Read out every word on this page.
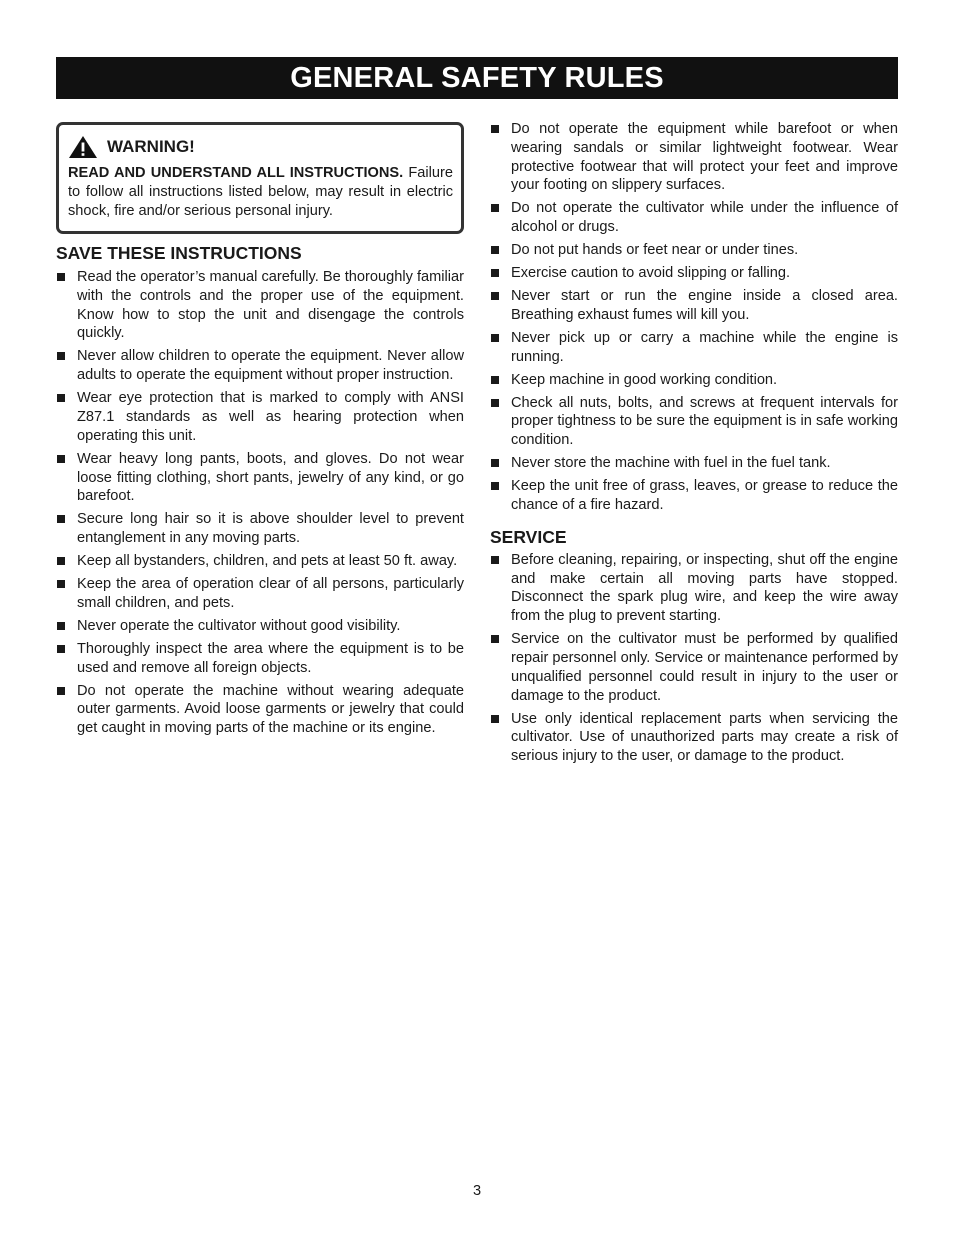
GENERAL SAFETY RULES
WARNING!
READ AND UNDERSTAND ALL INSTRUCTIONS. Failure to follow all instructions listed below, may result in electric shock, fire and/or serious personal injury.
SAVE THESE INSTRUCTIONS
Read the operator’s manual carefully. Be thoroughly familiar with the controls and the proper use of the equipment. Know how to stop the unit and disengage the controls quickly.
Never allow children to operate the equipment. Never allow adults to operate the equipment without proper instruction.
Wear eye protection that is marked to comply with ANSI Z87.1 standards as well as hearing protection when operating this unit.
Wear heavy long pants, boots, and gloves. Do not wear loose fitting clothing, short pants, jewelry of any kind, or go barefoot.
Secure long hair so it is above shoulder level to prevent entanglement in any moving parts.
Keep all bystanders, children, and pets at least 50 ft. away.
Keep the area of operation clear of all persons, particularly small children, and pets.
Never operate the cultivator without good visibility.
Thoroughly inspect the area where the equipment is to be used and remove all foreign objects.
Do not operate the machine without wearing adequate outer garments. Avoid loose garments or jewelry that could get caught in moving parts of the machine or its engine.
Do not operate the equipment while barefoot or when wearing sandals or similar lightweight footwear. Wear protective footwear that will protect your feet and improve your footing on slippery surfaces.
Do not operate the cultivator while under the influence of alcohol or drugs.
Do not put hands or feet near or under tines.
Exercise caution to avoid slipping or falling.
Never start or run the engine inside a closed area. Breathing exhaust fumes will kill you.
Never pick up or carry a machine while the engine is running.
Keep machine in good working condition.
Check all nuts, bolts, and screws at frequent intervals for proper tightness to be sure the equipment is in safe working condition.
Never store the machine with fuel in the fuel tank.
Keep the unit free of grass, leaves, or grease to reduce the chance of a fire hazard.
SERVICE
Before cleaning, repairing, or inspecting, shut off the engine and make certain all moving parts have stopped. Disconnect the spark plug wire, and keep the wire away from the plug to prevent starting.
Service on the cultivator must be performed by qualified repair personnel only. Service or maintenance performed by unqualified personnel could result in injury to the user or damage to the product.
Use only identical replacement parts when servicing the cultivator. Use of unauthorized parts may create a risk of serious injury to the user, or damage to the product.
3
